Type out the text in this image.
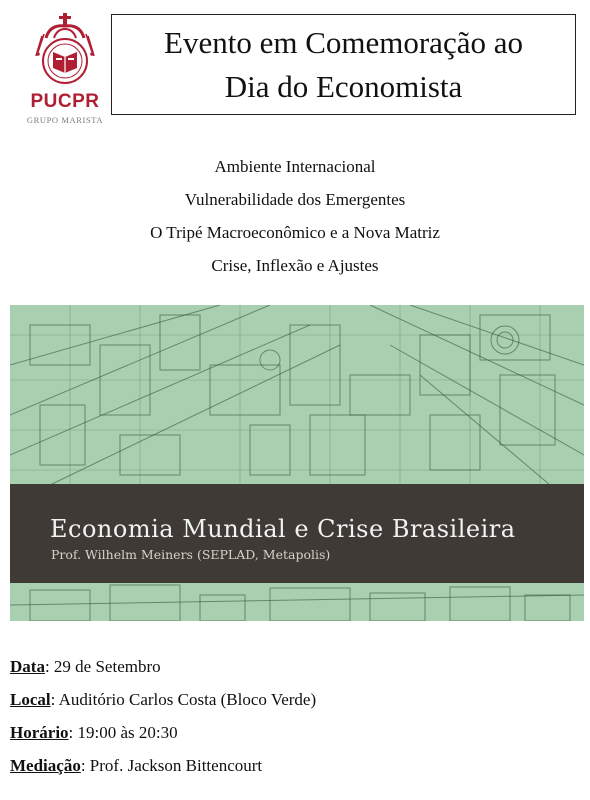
PUCPR
GRUPO MARISTA
Evento em Comemoração ao
Dia do Economista
Ambiente Internacional
Vulnerabilidade dos Emergentes
O Tripé Macroeconômico e a Nova Matriz
Crise, Inflexão e Ajustes
Economia Mundial e Crise Brasileira
Prof. Wilhelm Meiners (SEPLAD, Metapolis)
Data: 29 de Setembro
Local: Auditório Carlos Costa (Bloco Verde)
Horário: 19:00 às 20:30
Mediação: Prof. Jackson Bittencourt
